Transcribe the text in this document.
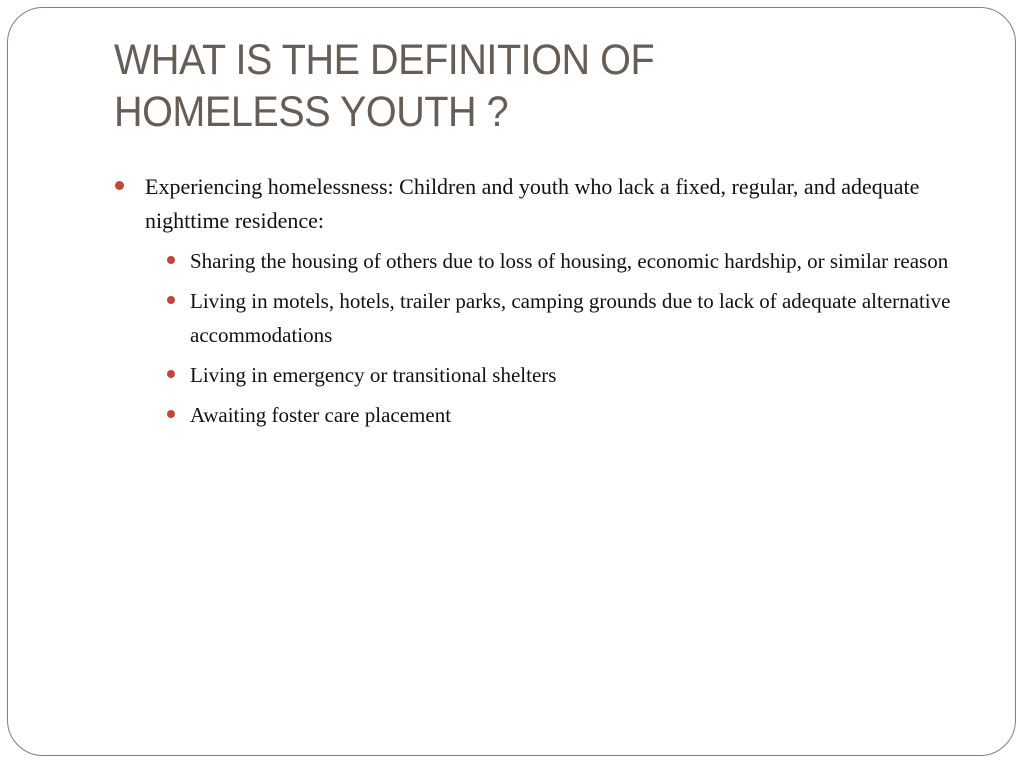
WHAT IS THE DEFINITION OF
HOMELESS YOUTH ?
Experiencing homelessness: Children and youth who lack a fixed, regular, and adequate nighttime residence:
Sharing the housing of others due to loss of housing, economic hardship, or similar reason
Living in motels, hotels, trailer parks, camping grounds due to lack of adequate alternative accommodations
Living in emergency or transitional shelters
Awaiting foster care placement
